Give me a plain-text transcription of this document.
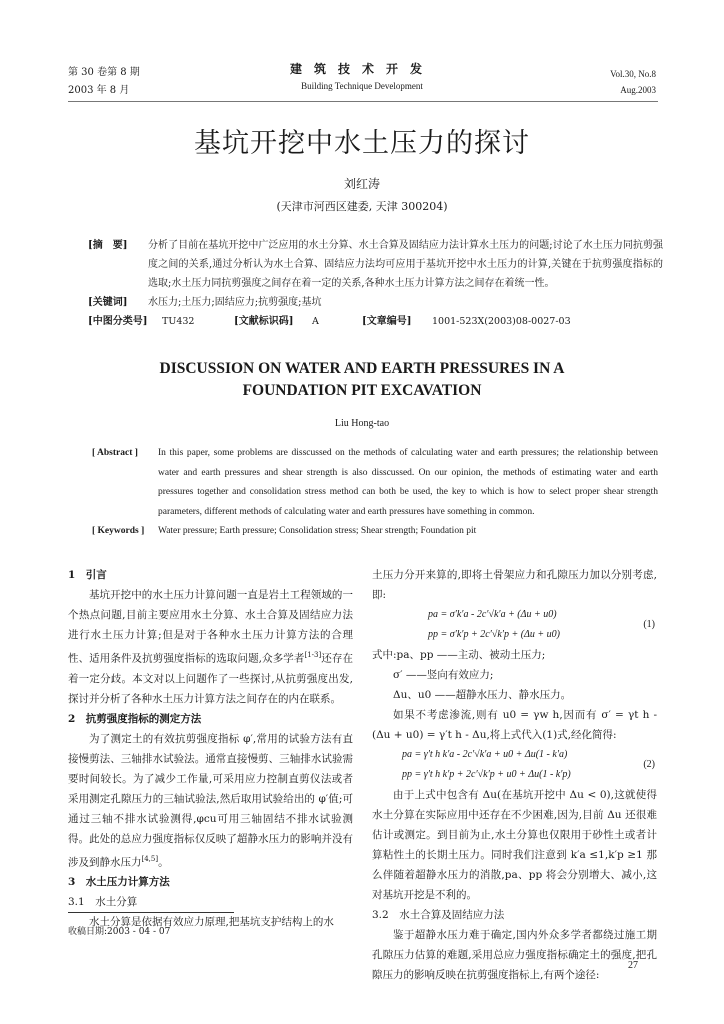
第 30 卷第 8 期
2003 年 8 月
建筑技术开发
Building Technique Development
Vol.30, No.8
Aug.2003
基坑开挖中水土压力的探讨
刘红涛
(天津市河西区建委, 天津 300204)
[摘　要]	分析了目前在基坑开挖中广泛应用的水土分算、水土合算及固结应力法计算水土压力的问题;讨论了水土压力同抗剪强度之间的关系,通过分析认为水土合算、固结应力法均可应用于基坑开挖中水土压力的计算,关键在于抗剪强度指标的选取;水土压力同抗剪强度之间存在着一定的关系,各种水土压力计算方法之间存在着统一性。
[关键词]	水压力;土压力;固结应力;抗剪强度;基坑
[中图分类号]	TU432	[文献标识码]	A	[文章编号]	1001-523X(2003)08-0027-03
DISCUSSION ON WATER AND EARTH PRESSURES IN A
FOUNDATION PIT EXCAVATION
Liu Hong-tao
[ Abstract ]	In this paper, some problems are disscussed on the methods of calculating water and earth pressures; the relationship between water and earth pressures and shear strength is also disscussed. On our opinion, the methods of estimating water and earth pressures together and consolidation stress method can both be used, the key to which is how to select proper shear strength parameters, different methods of calculating water and earth pressures have something in common.
[ Keywords ]	Water pressure; Earth pressure; Consolidation stress; Shear strength; Foundation pit

1　引言

基坑开挖中的水土压力计算问题一直是岩土工程领域的一个热点问题,目前主要应用水土分算、水土合算及固结应力法进行水土压力计算;但是对于各种水土压力计算方法的合理性、适用条件及抗剪强度指标的选取问题,众多学者[1-3]还存在着一定分歧。本文对以上问题作了一些探讨,从抗剪强度出发,探讨并分析了各种水土压力计算方法之间存在的内在联系。

2　抗剪强度指标的测定方法

为了测定土的有效抗剪强度指标 φ′,常用的试验方法有直接慢剪法、三轴排水试验法。通常直接慢剪、三轴排水试验需要时间较长。为了减少工作量,可采用应力控制直剪仪法或者采用测定孔隙压力的三轴试验法,然后取用试验给出的 φ′值;可通过三轴不排水试验测得,φcu可用三轴固结不排水试验测得。此处的总应力强度指标仅反映了超静水压力的影响并没有涉及到静水压力[4,5]。

3　水土压力计算方法

3.1　水土分算

水土分算是依据有效应力原理,把基坑支护结构上的水

土压力分开来算的,即将土骨架应力和孔隙压力加以分别考虑,即:

pa = σ′k′a - 2c′√k′a + (Δu + u0)
pp = σ′k′p + 2c′√k′p + (Δu + u0)
(1)

式中:pa、pp ——主动、被动土压力;

σ′ ——竖向有效应力;

Δu、u0 ——超静水压力、静水压力。

如果不考虑渗流,则有 u0 = γw h,因而有 σ′ = γt h - (Δu + u0) = γ′t h - Δu,将上式代入(1)式,经化简得:

pa = γ′t h k′a - 2c′√k′a + u0 + Δu(1 - k′a)
pp = γ′t h k′p + 2c′√k′p + u0 + Δu(1 - k′p)
(2)

由于上式中包含有 Δu(在基坑开挖中 Δu < 0),这就使得水土分算在实际应用中还存在不少困难,因为,目前 Δu 还很难估计或测定。到目前为止,水土分算也仅限用于砂性土或者计算粘性土的长期土压力。同时我们注意到 k′a ≤1,k′p ≥1 那么伴随着超静水压力的消散,pa、pp 将会分别增大、减小,这对基坑开挖是不利的。

3.2　水土合算及固结应力法

鉴于超静水压力难于确定,国内外众多学者都绕过施工期孔隙压力估算的难题,采用总应力强度指标确定土的强度,把孔隙压力的影响反映在抗剪强度指标上,有两个途径:

收稿日期:2003 - 04 - 07
27
